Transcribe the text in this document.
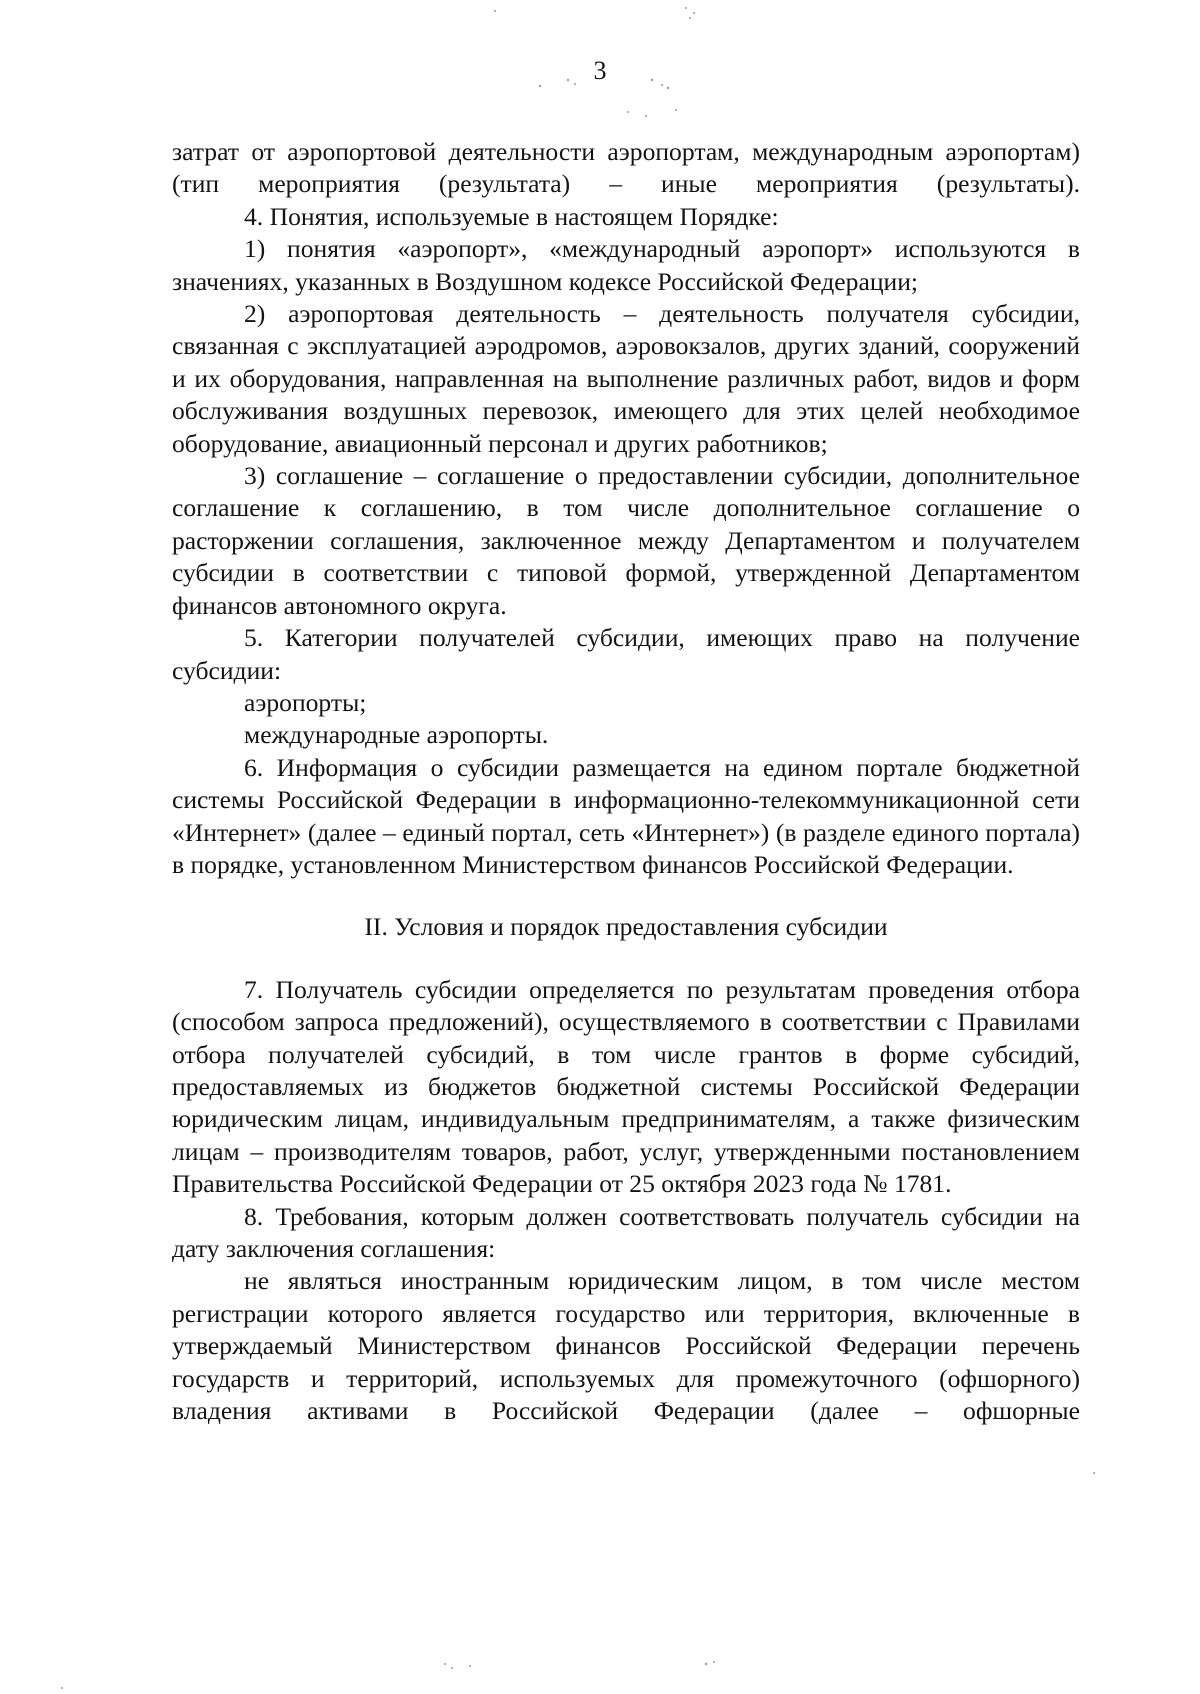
3

затрат от аэропортовой деятельности аэропортам, международным аэропортам) (тип мероприятия (результата) – иные мероприятия (результаты).

4. Понятия, используемые в настоящем Порядке:

1) понятия «аэропорт», «международный аэропорт» используются в значениях, указанных в Воздушном кодексе Российской Федерации;

2) аэропортовая деятельность – деятельность получателя субсидии, связанная с эксплуатацией аэродромов, аэровокзалов, других зданий, сооружений и их оборудования, направленная на выполнение различных работ, видов и форм обслуживания воздушных перевозок, имеющего для этих целей необходимое оборудование, авиационный персонал и других работников;

3) соглашение – соглашение о предоставлении субсидии, дополнительное соглашение к соглашению, в том числе дополнительное соглашение о расторжении соглашения, заключенное между Департаментом и получателем субсидии в соответствии с типовой формой, утвержденной Департаментом финансов автономного округа.

5. Категории получателей субсидии, имеющих право на получение субсидии:

аэропорты;

международные аэропорты.

6. Информация о субсидии размещается на едином портале бюджетной системы Российской Федерации в информационно-телекоммуникационной сети «Интернет» (далее – единый портал, сеть «Интернет») (в разделе единого портала) в порядке, установленном Министерством финансов Российской Федерации.

II. Условия и порядок предоставления субсидии

7. Получатель субсидии определяется по результатам проведения отбора (способом запроса предложений), осуществляемого в соответствии с Правилами отбора получателей субсидий, в том числе грантов в форме субсидий, предоставляемых из бюджетов бюджетной системы Российской Федерации юридическим лицам, индивидуальным предпринимателям, а также физическим лицам – производителям товаров, работ, услуг, утвержденными постановлением Правительства Российской Федерации от 25 октября 2023 года № 1781.

8. Требования, которым должен соответствовать получатель субсидии на дату заключения соглашения:

не являться иностранным юридическим лицом, в том числе местом регистрации которого является государство или территория, включенные в утверждаемый Министерством финансов Российской Федерации перечень государств и территорий, используемых для промежуточного (офшорного) владения активами в Российской Федерации (далее – офшорные
